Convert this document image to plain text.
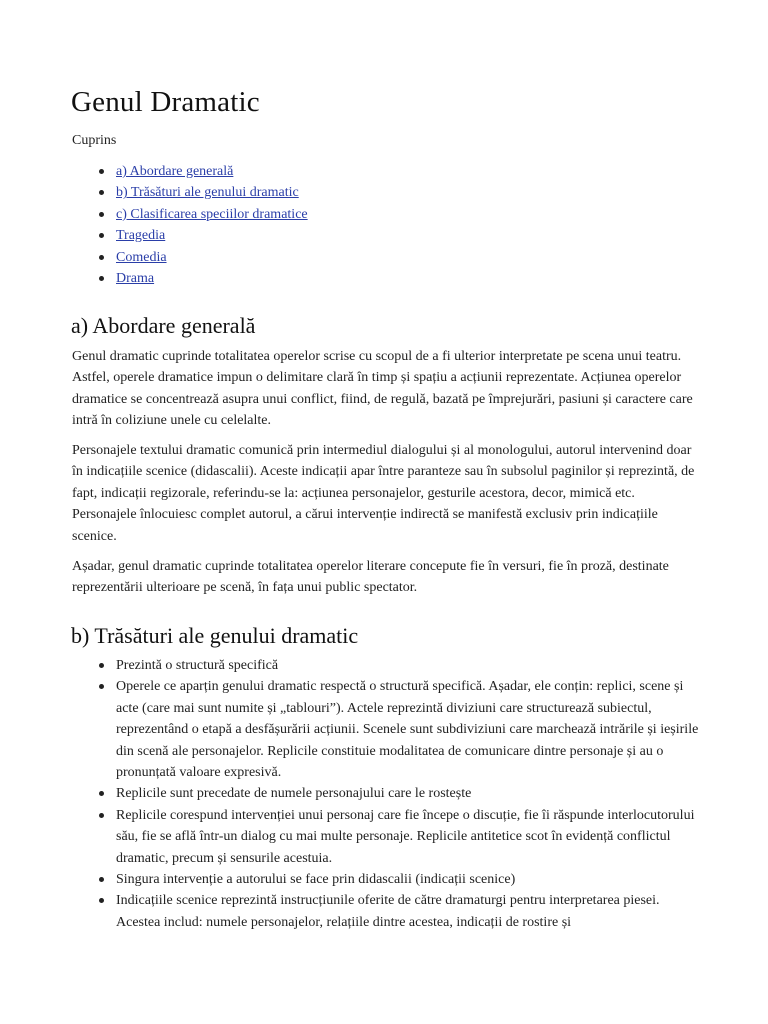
Genul Dramatic
Cuprins
a) Abordare generală
b) Trăsături ale genului dramatic
c) Clasificarea speciilor dramatice
Tragedia
Comedia
Drama
a) Abordare generală

Genul dramatic cuprinde totalitatea operelor scrise cu scopul de a fi ulterior interpretate pe scena unui teatru. Astfel, operele dramatice impun o delimitare clară în timp și spațiu a acțiunii reprezentate. Acțiunea operelor dramatice se concentrează asupra unui conflict, fiind, de regulă, bazată pe împrejurări, pasiuni și caractere care intră în coliziune unele cu celelalte.

Personajele textului dramatic comunică prin intermediul dialogului și al monologului, autorul intervenind doar în indicațiile scenice (didascalii). Aceste indicații apar între paranteze sau în subsolul paginilor și reprezintă, de fapt, indicații regizorale, referindu-se la: acțiunea personajelor, gesturile acestora, decor, mimică etc. Personajele înlocuiesc complet autorul, a cărui intervenție indirectă se manifestă exclusiv prin indicațiile scenice.

Așadar, genul dramatic cuprinde totalitatea operelor literare concepute fie în versuri, fie în proză, destinate reprezentării ulterioare pe scenă, în fața unui public spectator.

b) Trăsături ale genului dramatic
Prezintă o structură specifică
Operele ce aparțin genului dramatic respectă o structură specifică. Așadar, ele conțin: replici, scene și acte (care mai sunt numite și „tablouri”). Actele reprezintă diviziuni care structurează subiectul, reprezentând o etapă a desfășurării acțiunii. Scenele sunt subdiviziuni care marchează intrările și ieșirile din scenă ale personajelor. Replicile constituie modalitatea de comunicare dintre personaje și au o pronunțată valoare expresivă.
Replicile sunt precedate de numele personajului care le rostește
Replicile corespund intervenției unui personaj care fie începe o discuție, fie îi răspunde interlocutorului său, fie se află într-un dialog cu mai multe personaje. Replicile antitetice scot în evidență conflictul dramatic, precum și sensurile acestuia.
Singura intervenție a autorului se face prin didascalii (indicații scenice)
Indicațiile scenice reprezintă instrucțiunile oferite de către dramaturgi pentru interpretarea piesei. Acestea includ: numele personajelor, relațiile dintre acestea, indicații de rostire și
